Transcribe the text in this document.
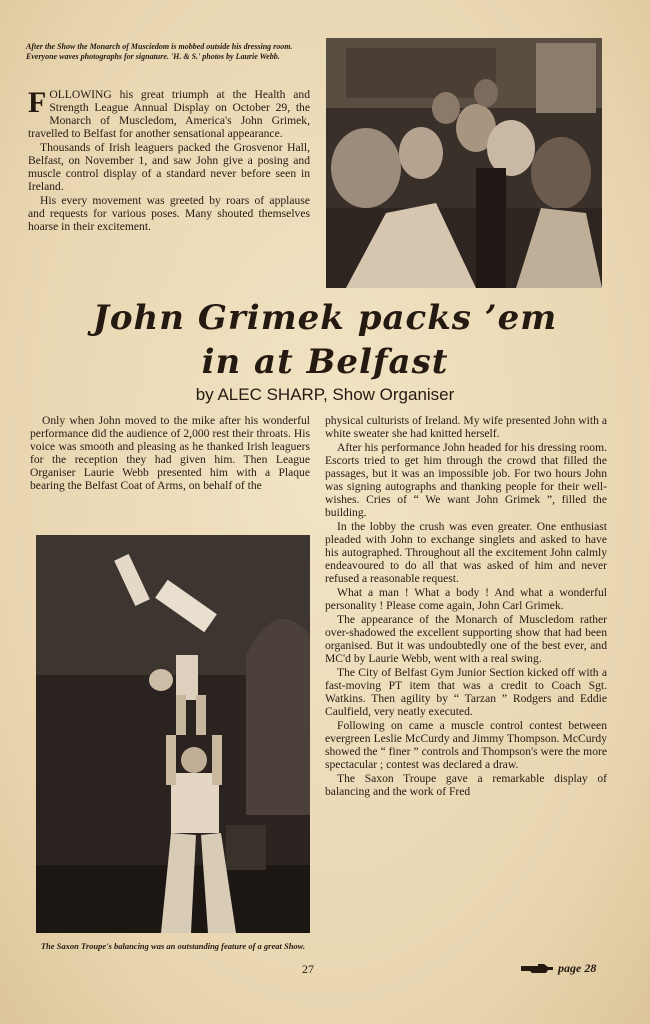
After the Show the Monarch of Musciedom is mobbed outside his dressing room. Everyone waves photographs for signature. 'H. & S.' photos by Laurie Webb.

FOLLOWING his great triumph at the Health and Strength League Annual Display on October 29, the Monarch of Muscledom, America's John Grimek, travelled to Belfast for another sensational appearance.

Thousands of Irish leaguers packed the Grosvenor Hall, Belfast, on November 1, and saw John give a posing and muscle control display of a standard never before seen in Ireland.

His every movement was greeted by roars of applause and requests for various poses. Many shouted themselves hoarse in their excitement.

John Grimek packs ’em
in at Belfast

by ALEC SHARP, Show Organiser

Only when John moved to the mike after his wonderful performance did the audience of 2,000 rest their throats. His voice was smooth and pleasing as he thanked Irish leaguers for the reception they had given him. Then League Organiser Laurie Webb presented him with a Plaque bearing the Belfast Coat of Arms, on behalf of the

The Saxon Troupe's balancing was an outstanding feature of a great Show.

physical culturists of Ireland. My wife presented John with a white sweater she had knitted herself.

After his performance John headed for his dressing room. Escorts tried to get him through the crowd that filled the passages, but it was an impossible job. For two hours John was signing autographs and thanking people for their well-wishes. Cries of “ We want John Grimek ”, filled the building.

In the lobby the crush was even greater. One enthusiast pleaded with John to exchange singlets and asked to have his autographed. Throughout all the excitement John calmly endeavoured to do all that was asked of him and never refused a reasonable request.

What a man ! What a body ! And what a wonderful personality ! Please come again, John Carl Grimek.

The appearance of the Monarch of Muscledom rather over-shadowed the excellent supporting show that had been organised. But it was undoubtedly one of the best ever, and MC'd by Laurie Webb, went with a real swing.

The City of Belfast Gym Junior Section kicked off with a fast-moving PT item that was a credit to Coach Sgt. Watkins. Then agility by “ Tarzan ” Rodgers and Eddie Caulfield, very neatly executed.

Following on came a muscle control contest between evergreen Leslie McCurdy and Jimmy Thompson. McCurdy showed the “ finer ” controls and Thompson's were the more spectacular ; contest was declared a draw.

The Saxon Troupe gave a remarkable display of balancing and the work of Fred

27	page 28
